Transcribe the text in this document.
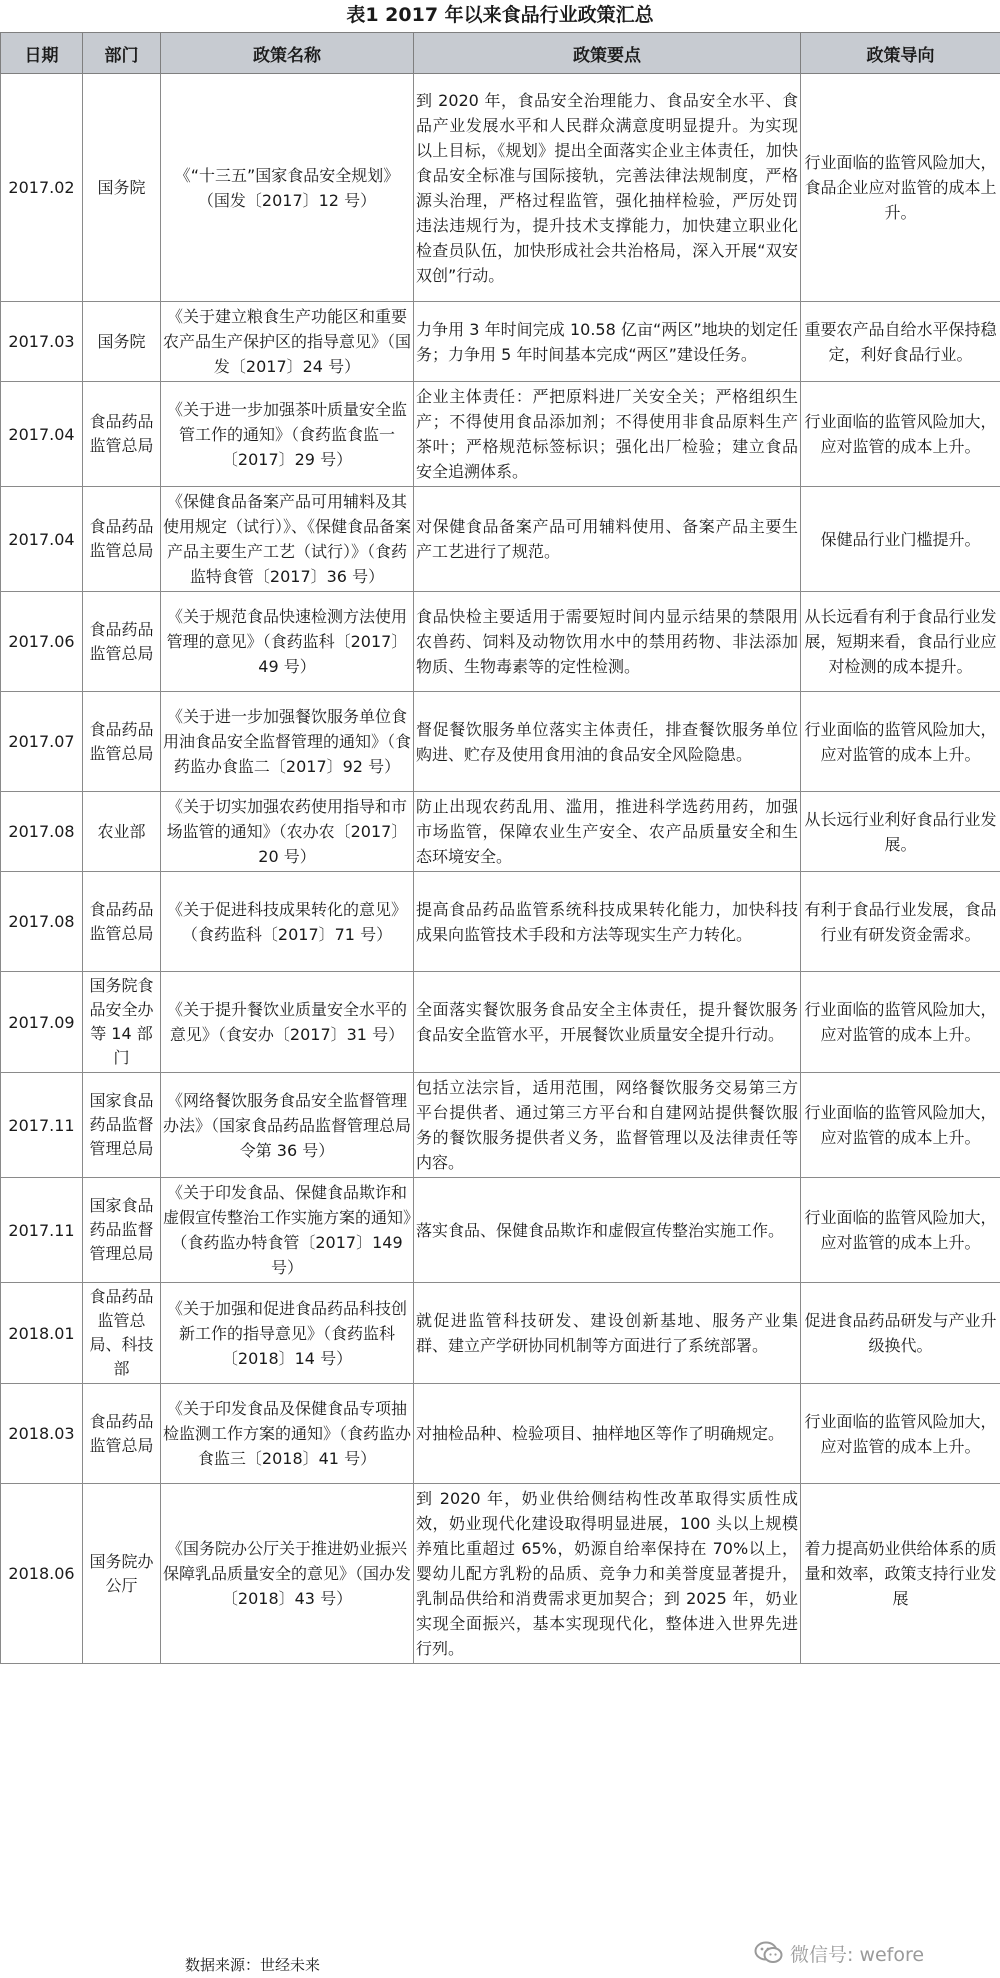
表1 2017 年以来食品行业政策汇总
日期	部门	政策名称	政策要点	政策导向
2017.02	国务院	《“十三五”国家食品安全规划》（国发〔2017〕12 号）	到 2020 年，食品安全治理能力、食品安全水平、食品产业发展水平和人民群众满意度明显提升。为实现以上目标，《规划》提出全面落实企业主体责任，加快食品安全标准与国际接轨，完善法律法规制度，严格源头治理，严格过程监管，强化抽样检验，严厉处罚违法违规行为，提升技术支撑能力，加快建立职业化检查员队伍，加快形成社会共治格局，深入开展“双安双创”行动。	行业面临的监管风险加大，食品企业应对监管的成本上升。
2017.03	国务院	《关于建立粮食生产功能区和重要农产品生产保护区的指导意见》（国发〔2017〕24 号）	力争用 3 年时间完成 10.58 亿亩“两区”地块的划定任务；力争用 5 年时间基本完成“两区”建设任务。	重要农产品自给水平保持稳定，利好食品行业。
2017.04	食品药品监管总局	《关于进一步加强茶叶质量安全监管工作的通知》（食药监食监一〔2017〕29 号）	企业主体责任：严把原料进厂关安全关；严格组织生产；不得使用食品添加剂；不得使用非食品原料生产茶叶；严格规范标签标识；强化出厂检验；建立食品安全追溯体系。	行业面临的监管风险加大，应对监管的成本上升。
2017.04	食品药品监管总局	《保健食品备案产品可用辅料及其使用规定（试行）》、《保健食品备案产品主要生产工艺（试行）》（食药监特食管〔2017〕36 号）	对保健食品备案产品可用辅料使用、备案产品主要生产工艺进行了规范。	保健品行业门槛提升。
2017.06	食品药品监管总局	《关于规范食品快速检测方法使用管理的意见》（食药监科〔2017〕49 号）	食品快检主要适用于需要短时间内显示结果的禁限用农兽药、饲料及动物饮用水中的禁用药物、非法添加物质、生物毒素等的定性检测。	从长远看有利于食品行业发展，短期来看，食品行业应对检测的成本提升。
2017.07	食品药品监管总局	《关于进一步加强餐饮服务单位食用油食品安全监督管理的通知》（食药监办食监二〔2017〕92 号）	督促餐饮服务单位落实主体责任，排查餐饮服务单位购进、贮存及使用食用油的食品安全风险隐患。	行业面临的监管风险加大，应对监管的成本上升。
2017.08	农业部	《关于切实加强农药使用指导和市场监管的通知》（农办农〔2017〕20 号）	防止出现农药乱用、滥用，推进科学选药用药，加强市场监管，保障农业生产安全、农产品质量安全和生态环境安全。	从长远行业利好食品行业发展。
2017.08	食品药品监管总局	《关于促进科技成果转化的意见》（食药监科〔2017〕71 号）	提高食品药品监管系统科技成果转化能力，加快科技成果向监管技术手段和方法等现实生产力转化。	有利于食品行业发展，食品行业有研发资金需求。
2017.09	国务院食品安全办等 14 部门	《关于提升餐饮业质量安全水平的意见》（食安办〔2017〕31 号）	全面落实餐饮服务食品安全主体责任，提升餐饮服务食品安全监管水平，开展餐饮业质量安全提升行动。	行业面临的监管风险加大，应对监管的成本上升。
2017.11	国家食品药品监督管理总局	《网络餐饮服务食品安全监督管理办法》（国家食品药品监督管理总局令第 36 号）	包括立法宗旨，适用范围，网络餐饮服务交易第三方平台提供者、通过第三方平台和自建网站提供餐饮服务的餐饮服务提供者义务，监督管理以及法律责任等内容。	行业面临的监管风险加大，应对监管的成本上升。
2017.11	国家食品药品监督管理总局	《关于印发食品、保健食品欺诈和虚假宣传整治工作实施方案的通知》（食药监办特食管〔2017〕149 号）	落实食品、保健食品欺诈和虚假宣传整治实施工作。	行业面临的监管风险加大，应对监管的成本上升。
2018.01	食品药品监管总局、科技部	《关于加强和促进食品药品科技创新工作的指导意见》（食药监科〔2018〕14 号）	就促进监管科技研发、建设创新基地、服务产业集群、建立产学研协同机制等方面进行了系统部署。	促进食品药品研发与产业升级换代。
2018.03	食品药品监管总局	《关于印发食品及保健食品专项抽检监测工作方案的通知》（食药监办食监三〔2018〕41 号）	对抽检品种、检验项目、抽样地区等作了明确规定。	行业面临的监管风险加大，应对监管的成本上升。
2018.06	国务院办公厅	《国务院办公厅关于推进奶业振兴保障乳品质量安全的意见》（国办发〔2018〕43 号）	到 2020 年，奶业供给侧结构性改革取得实质性成效，奶业现代化建设取得明显进展，100 头以上规模养殖比重超过 65%，奶源自给率保持在 70%以上，婴幼儿配方乳粉的品质、竞争力和美誉度显著提升，乳制品供给和消费需求更加契合；到 2025 年，奶业实现全面振兴，基本实现现代化，整体进入世界先进行列。	着力提高奶业供给体系的质量和效率，政策支持行业发展

数据来源：世经未来	微信号: wefore
